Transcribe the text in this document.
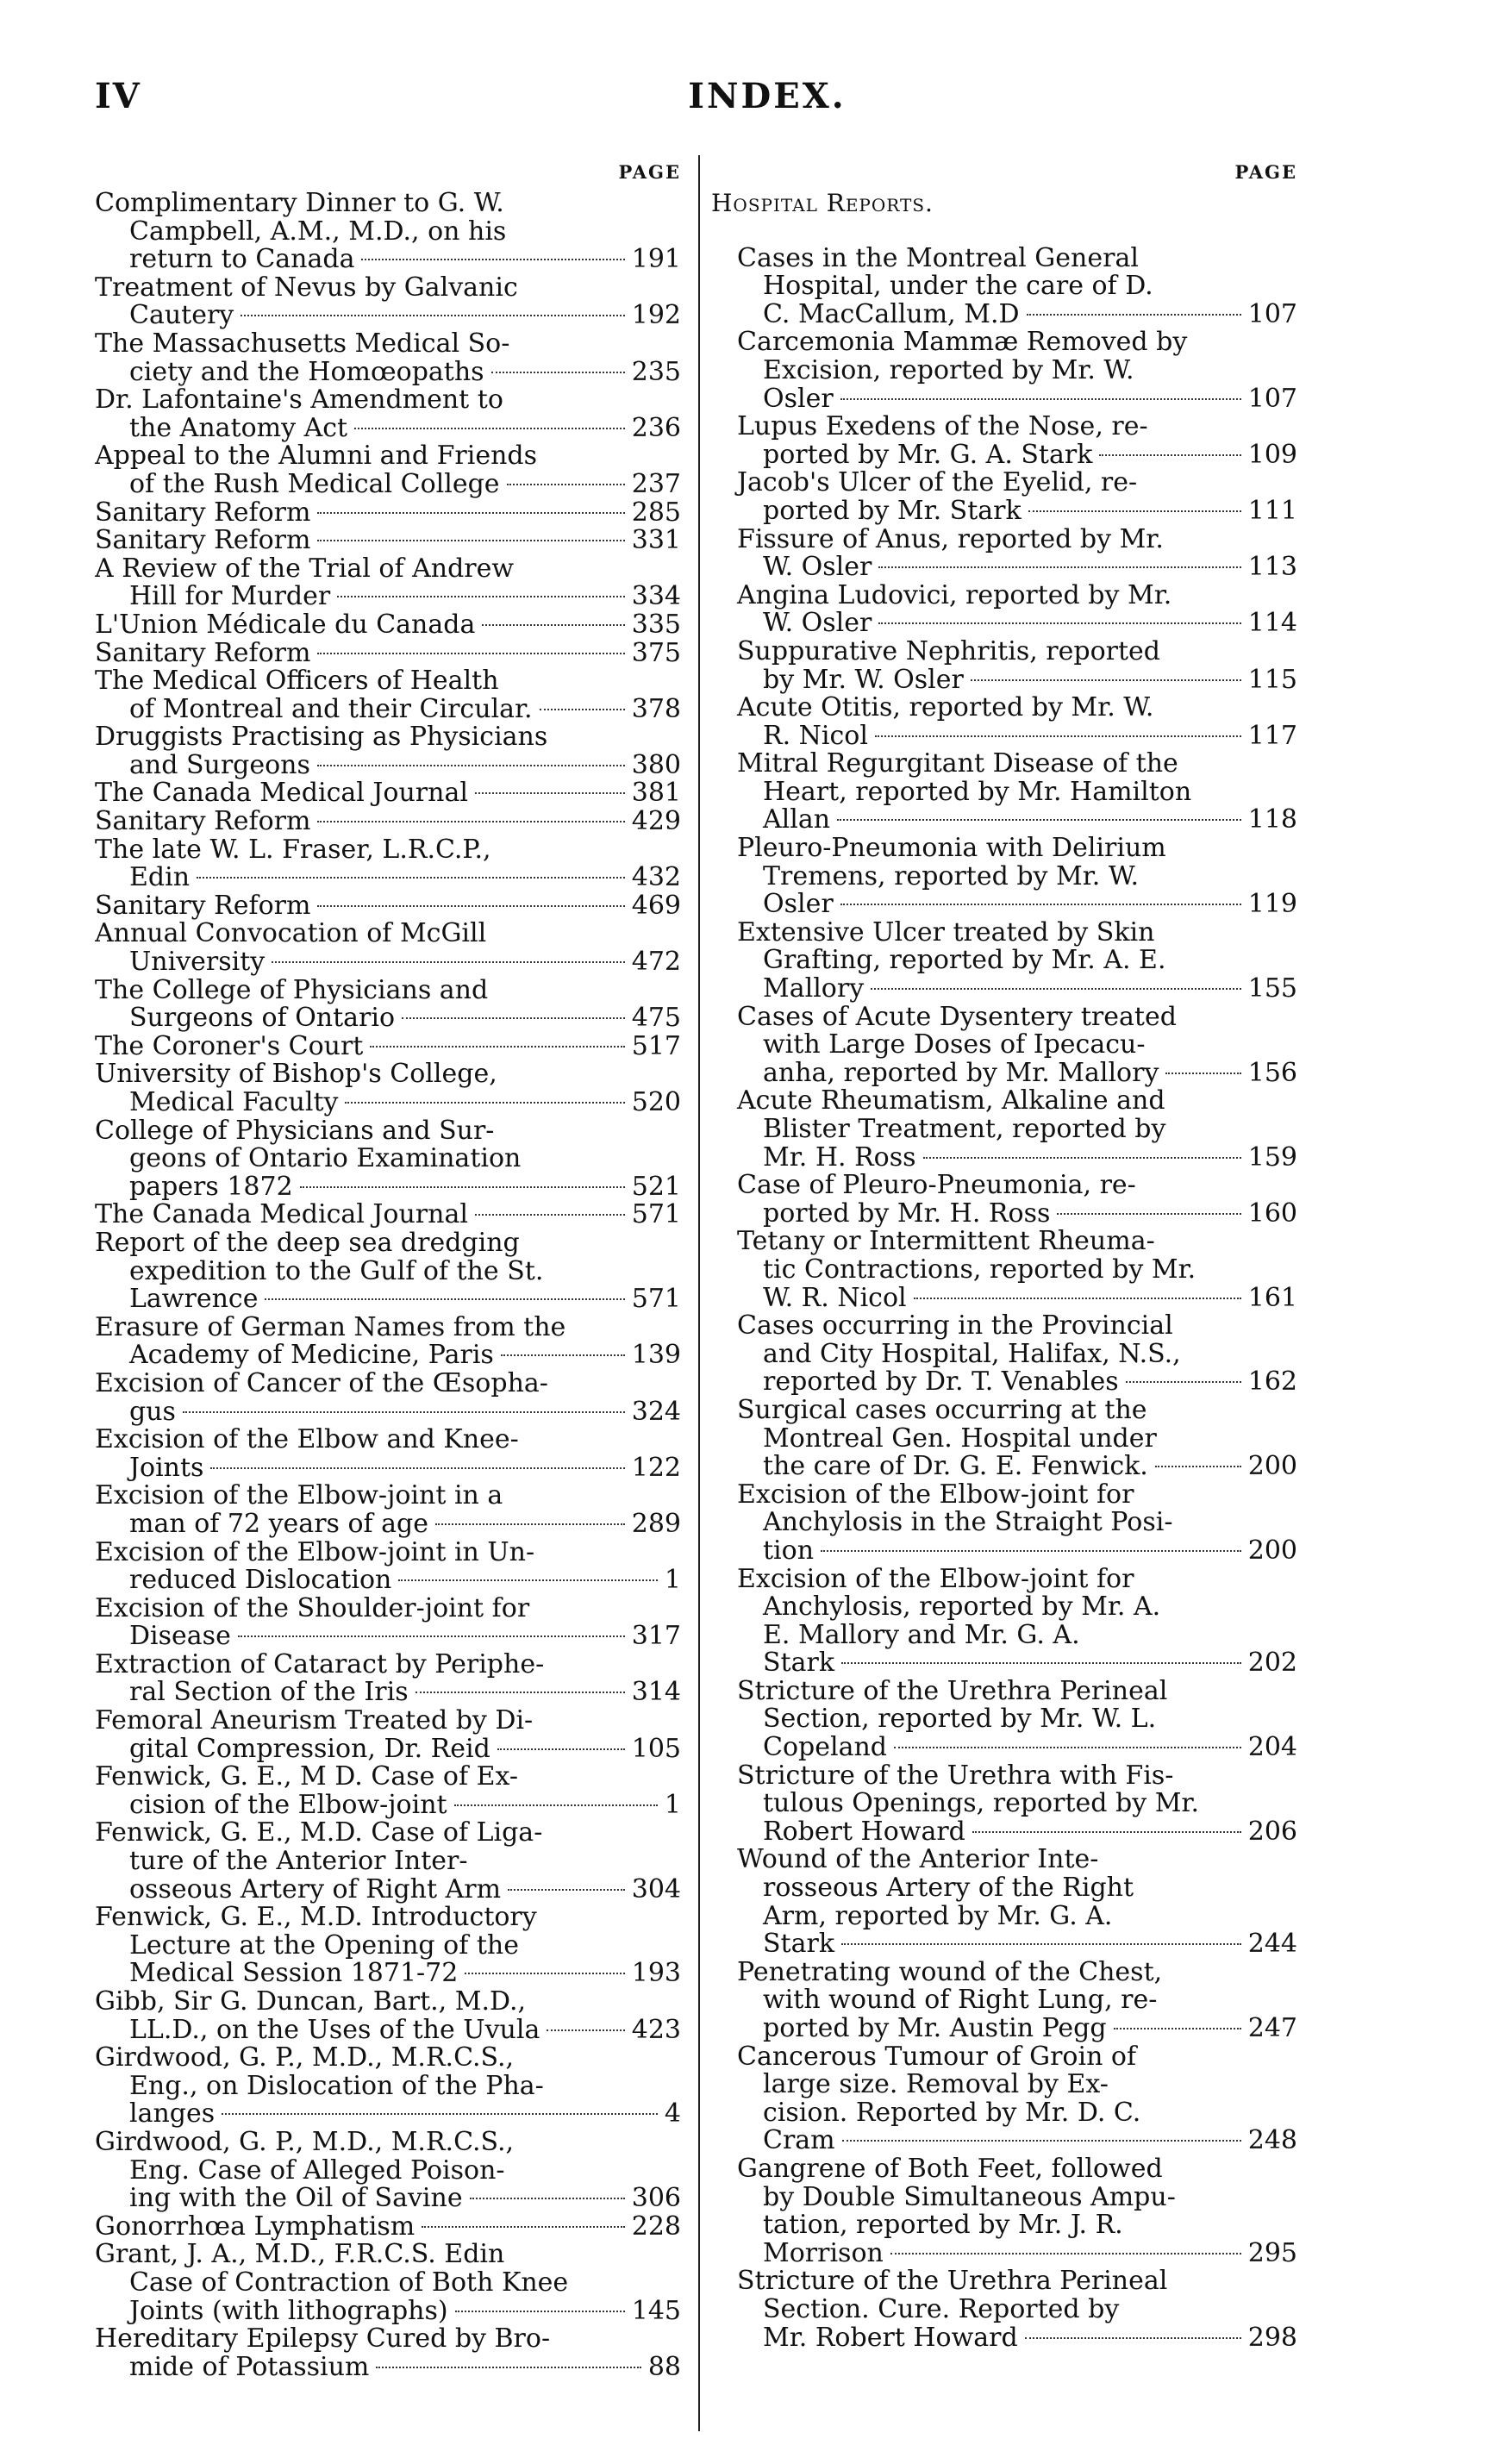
IV	INDEX.
PAGE
Complimentary Dinner to G. W.
Campbell, A.M., M.D., on his
return to Canada	191
Treatment of Nevus by Galvanic
Cautery	192
The Massachusetts Medical So-
ciety and the Homœopaths	235
Dr. Lafontaine's Amendment to
the Anatomy Act	236
Appeal to the Alumni and Friends
of the Rush Medical College	237
Sanitary Reform	285
Sanitary Reform	331
A Review of the Trial of Andrew
Hill for Murder	334
L'Union Médicale du Canada	335
Sanitary Reform	375
The Medical Officers of Health
of Montreal and their Circular.	378
Druggists Practising as Physicians
and Surgeons	380
The Canada Medical Journal	381
Sanitary Reform	429
The late W. L. Fraser, L.R.C.P.,
Edin	432
Sanitary Reform	469
Annual Convocation of McGill
University	472
The College of Physicians and
Surgeons of Ontario	475
The Coroner's Court	517
University of Bishop's College,
Medical Faculty	520
College of Physicians and Sur-
geons of Ontario Examination
papers 1872	521
The Canada Medical Journal	571
Report of the deep sea dredging
expedition to the Gulf of the St.
Lawrence	571
Erasure of German Names from the
Academy of Medicine, Paris	139
Excision of Cancer of the Œsopha-
gus	324
Excision of the Elbow and Knee-
Joints	122
Excision of the Elbow-joint in a
man of 72 years of age	289
Excision of the Elbow-joint in Un-
reduced Dislocation	1
Excision of the Shoulder-joint for
Disease	317
Extraction of Cataract by Periphe-
ral Section of the Iris	314
Femoral Aneurism Treated by Di-
gital Compression, Dr. Reid	105
Fenwick, G. E., M D. Case of Ex-
cision of the Elbow-joint	1
Fenwick, G. E., M.D. Case of Liga-
ture of the Anterior Inter-
osseous Artery of Right Arm	304
Fenwick, G. E., M.D. Introductory
Lecture at the Opening of the
Medical Session 1871-72	193
Gibb, Sir G. Duncan, Bart., M.D.,
LL.D., on the Uses of the Uvula	423
Girdwood, G. P., M.D., M.R.C.S.,
Eng., on Dislocation of the Pha-
langes	4
Girdwood, G. P., M.D., M.R.C.S.,
Eng. Case of Alleged Poison-
ing with the Oil of Savine	306
Gonorrhœa Lymphatism	228
Grant, J. A., M.D., F.R.C.S. Edin
Case of Contraction of Both Knee
Joints (with lithographs)	145
Hereditary Epilepsy Cured by Bro-
mide of Potassium	88
PAGE
Hospital Reports.
Cases in the Montreal General
Hospital, under the care of D.
C. MacCallum, M.D	107
Carcemonia Mammæ Removed by
Excision, reported by Mr. W.
Osler	107
Lupus Exedens of the Nose, re-
ported by Mr. G. A. Stark	109
Jacob's Ulcer of the Eyelid, re-
ported by Mr. Stark	111
Fissure of Anus, reported by Mr.
W. Osler	113
Angina Ludovici, reported by Mr.
W. Osler	114
Suppurative Nephritis, reported
by Mr. W. Osler	115
Acute Otitis, reported by Mr. W.
R. Nicol	117
Mitral Regurgitant Disease of the
Heart, reported by Mr. Hamilton
Allan	118
Pleuro-Pneumonia with Delirium
Tremens, reported by Mr. W.
Osler	119
Extensive Ulcer treated by Skin
Grafting, reported by Mr. A. E.
Mallory	155
Cases of Acute Dysentery treated
with Large Doses of Ipecacu-
anha, reported by Mr. Mallory	156
Acute Rheumatism, Alkaline and
Blister Treatment, reported by
Mr. H. Ross	159
Case of Pleuro-Pneumonia, re-
ported by Mr. H. Ross	160
Tetany or Intermittent Rheuma-
tic Contractions, reported by Mr.
W. R. Nicol	161
Cases occurring in the Provincial
and City Hospital, Halifax, N.S.,
reported by Dr. T. Venables	162
Surgical cases occurring at the
Montreal Gen. Hospital under
the care of Dr. G. E. Fenwick.	200
Excision of the Elbow-joint for
Anchylosis in the Straight Posi-
tion	200
Excision of the Elbow-joint for
Anchylosis, reported by Mr. A.
E. Mallory and Mr. G. A.
Stark	202
Stricture of the Urethra Perineal
Section, reported by Mr. W. L.
Copeland	204
Stricture of the Urethra with Fis-
tulous Openings, reported by Mr.
Robert Howard	206
Wound of the Anterior Inte-
rosseous Artery of the Right
Arm, reported by Mr. G. A.
Stark	244
Penetrating wound of the Chest,
with wound of Right Lung, re-
ported by Mr. Austin Pegg	247
Cancerous Tumour of Groin of
large size. Removal by Ex-
cision. Reported by Mr. D. C.
Cram	248
Gangrene of Both Feet, followed
by Double Simultaneous Ampu-
tation, reported by Mr. J. R.
Morrison	295
Stricture of the Urethra Perineal
Section. Cure. Reported by
Mr. Robert Howard	298
